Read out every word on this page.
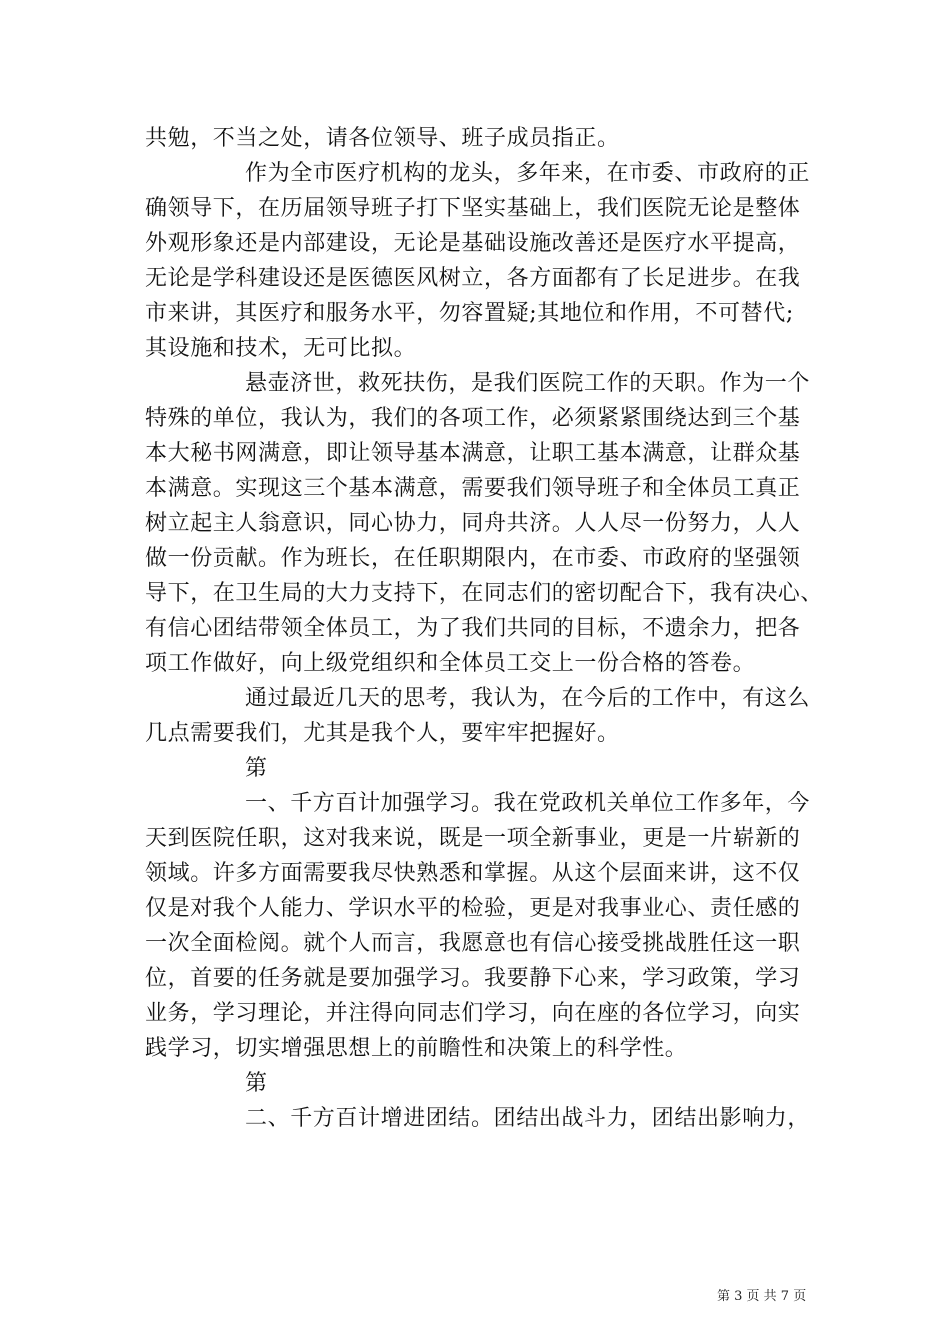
共勉，不当之处，请各位领导、班子成员指正。
作为全市医疗机构的龙头，多年来，在市委、市政府的正
确领导下，在历届领导班子打下坚实基础上，我们医院无论是整体
外观形象还是内部建设，无论是基础设施改善还是医疗水平提高，
无论是学科建设还是医德医风树立，各方面都有了长足进步。在我
市来讲，其医疗和服务水平，勿容置疑;其地位和作用，不可替代;
其设施和技术，无可比拟。
悬壶济世，救死扶伤，是我们医院工作的天职。作为一个
特殊的单位，我认为，我们的各项工作，必须紧紧围绕达到三个基
本大秘书网满意，即让领导基本满意，让职工基本满意，让群众基
本满意。实现这三个基本满意，需要我们领导班子和全体员工真正
树立起主人翁意识，同心协力，同舟共济。人人尽一份努力，人人
做一份贡献。作为班长，在任职期限内，在市委、市政府的坚强领
导下，在卫生局的大力支持下，在同志们的密切配合下，我有决心、
有信心团结带领全体员工，为了我们共同的目标，不遗余力，把各
项工作做好，向上级党组织和全体员工交上一份合格的答卷。
通过最近几天的思考，我认为，在今后的工作中，有这么
几点需要我们，尤其是我个人，要牢牢把握好。
第
一、千方百计加强学习。我在党政机关单位工作多年，今
天到医院任职，这对我来说，既是一项全新事业，更是一片崭新的
领域。许多方面需要我尽快熟悉和掌握。从这个层面来讲，这不仅
仅是对我个人能力、学识水平的检验，更是对我事业心、责任感的
一次全面检阅。就个人而言，我愿意也有信心接受挑战胜任这一职
位，首要的任务就是要加强学习。我要静下心来，学习政策，学习
业务，学习理论，并注得向同志们学习，向在座的各位学习，向实
践学习，切实增强思想上的前瞻性和决策上的科学性。
第
二、千方百计增进团结。团结出战斗力，团结出影响力，
第 3 页 共 7 页
